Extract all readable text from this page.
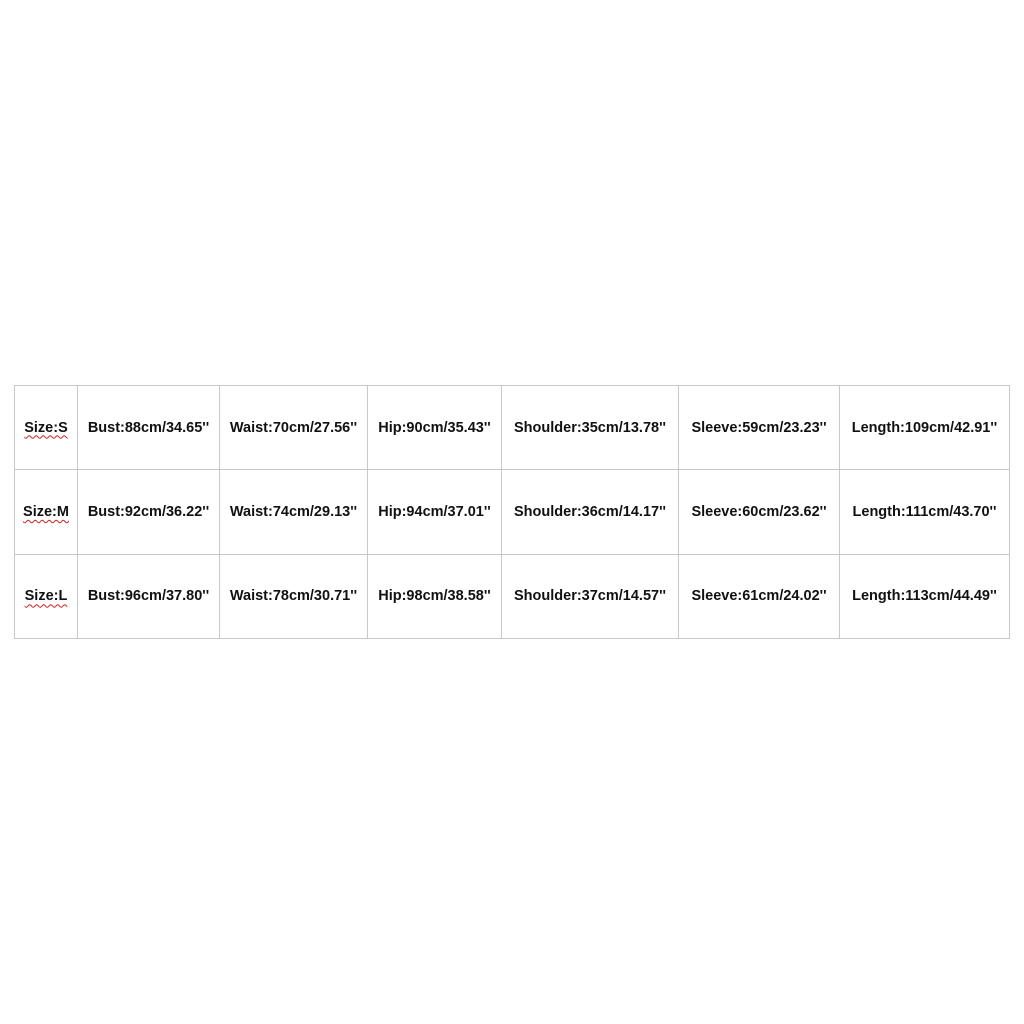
Size:S	Bust:88cm/34.65''	Waist:70cm/27.56''	Hip:90cm/35.43''	Shoulder:35cm/13.78''	Sleeve:59cm/23.23''	Length:109cm/42.91''
Size:M	Bust:92cm/36.22''	Waist:74cm/29.13''	Hip:94cm/37.01''	Shoulder:36cm/14.17''	Sleeve:60cm/23.62''	Length:111cm/43.70''
Size:L	Bust:96cm/37.80''	Waist:78cm/30.71''	Hip:98cm/38.58''	Shoulder:37cm/14.57''	Sleeve:61cm/24.02''	Length:113cm/44.49''
